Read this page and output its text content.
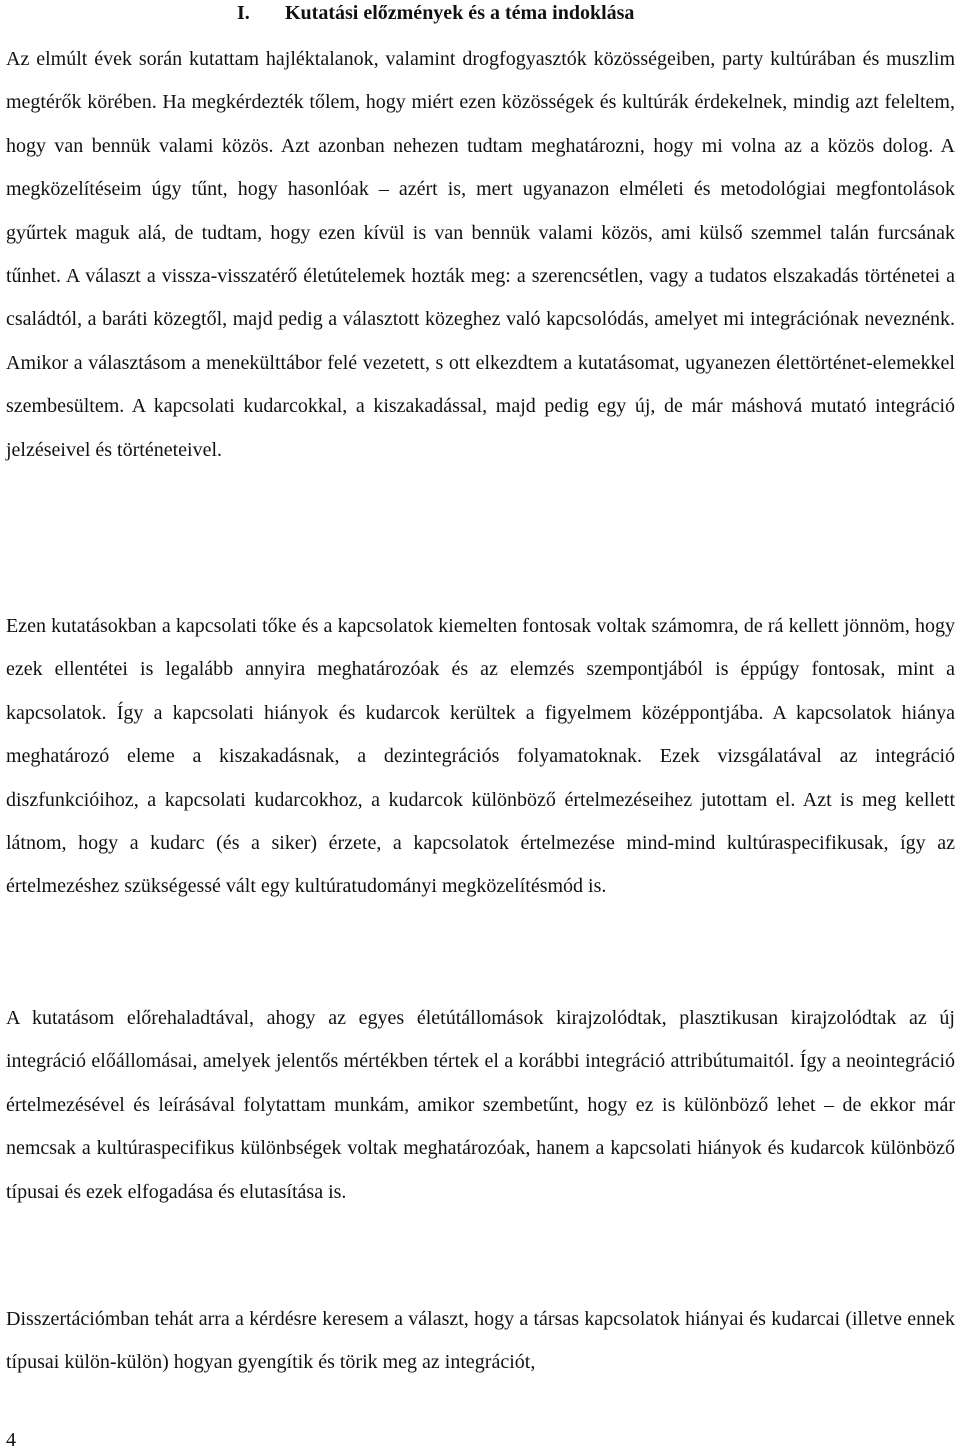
I. Kutatási előzmények és a téma indoklása

Az elmúlt évek során kutattam hajléktalanok, valamint drogfogyasztók közösségeiben, party kultúrában és muszlim megtérők körében. Ha megkérdezték tőlem, hogy miért ezen közösségek és kultúrák érdekelnek, mindig azt feleltem, hogy van bennük valami közös. Azt azonban nehezen tudtam meghatározni, hogy mi volna az a közös dolog. A megközelítéseim úgy tűnt, hogy hasonlóak – azért is, mert ugyanazon elméleti és metodológiai megfontolások gyűrtek maguk alá, de tudtam, hogy ezen kívül is van bennük valami közös, ami külső szemmel talán furcsának tűnhet. A választ a vissza-visszatérő életútelemek hozták meg: a szerencsétlen, vagy a tudatos elszakadás történetei a családtól, a baráti közegtől, majd pedig a választott közeghez való kapcsolódás, amelyet mi integrációnak neveznénk. Amikor a választásom a menekülttábor felé vezetett, s ott elkezdtem a kutatásomat, ugyanezen élettörténet-elemekkel szembesültem. A kapcsolati kudarcokkal, a kiszakadással, majd pedig egy új, de már máshová mutató integráció jelzéseivel és történeteivel.

Ezen kutatásokban a kapcsolati tőke és a kapcsolatok kiemelten fontosak voltak számomra, de rá kellett jönnöm, hogy ezek ellentétei is legalább annyira meghatározóak és az elemzés szempontjából is éppúgy fontosak, mint a kapcsolatok. Így a kapcsolati hiányok és kudarcok kerültek a figyelmem középpontjába. A kapcsolatok hiánya meghatározó eleme a kiszakadásnak, a dezintegrációs folyamatoknak. Ezek vizsgálatával az integráció diszfunkcióihoz, a kapcsolati kudarcokhoz, a kudarcok különböző értelmezéseihez jutottam el. Azt is meg kellett látnom, hogy a kudarc (és a siker) érzete, a kapcsolatok értelmezése mind-mind kultúraspecifikusak, így az értelmezéshez szükségessé vált egy kultúratudományi megközelítésmód is.

A kutatásom előrehaladtával, ahogy az egyes életútállomások kirajzolódtak, plasztikusan kirajzolódtak az új integráció előállomásai, amelyek jelentős mértékben tértek el a korábbi integráció attribútumaitól. Így a neointegráció értelmezésével és leírásával folytattam munkám, amikor szembetűnt, hogy ez is különböző lehet – de ekkor már nemcsak a kultúraspecifikus különbségek voltak meghatározóak, hanem a kapcsolati hiányok és kudarcok különböző típusai és ezek elfogadása és elutasítása is.

Disszertációmban tehát arra a kérdésre keresem a választ, hogy a társas kapcsolatok hiányai és kudarcai (illetve ennek típusai külön-külön) hogyan gyengítik és törik meg az integrációt,

4
